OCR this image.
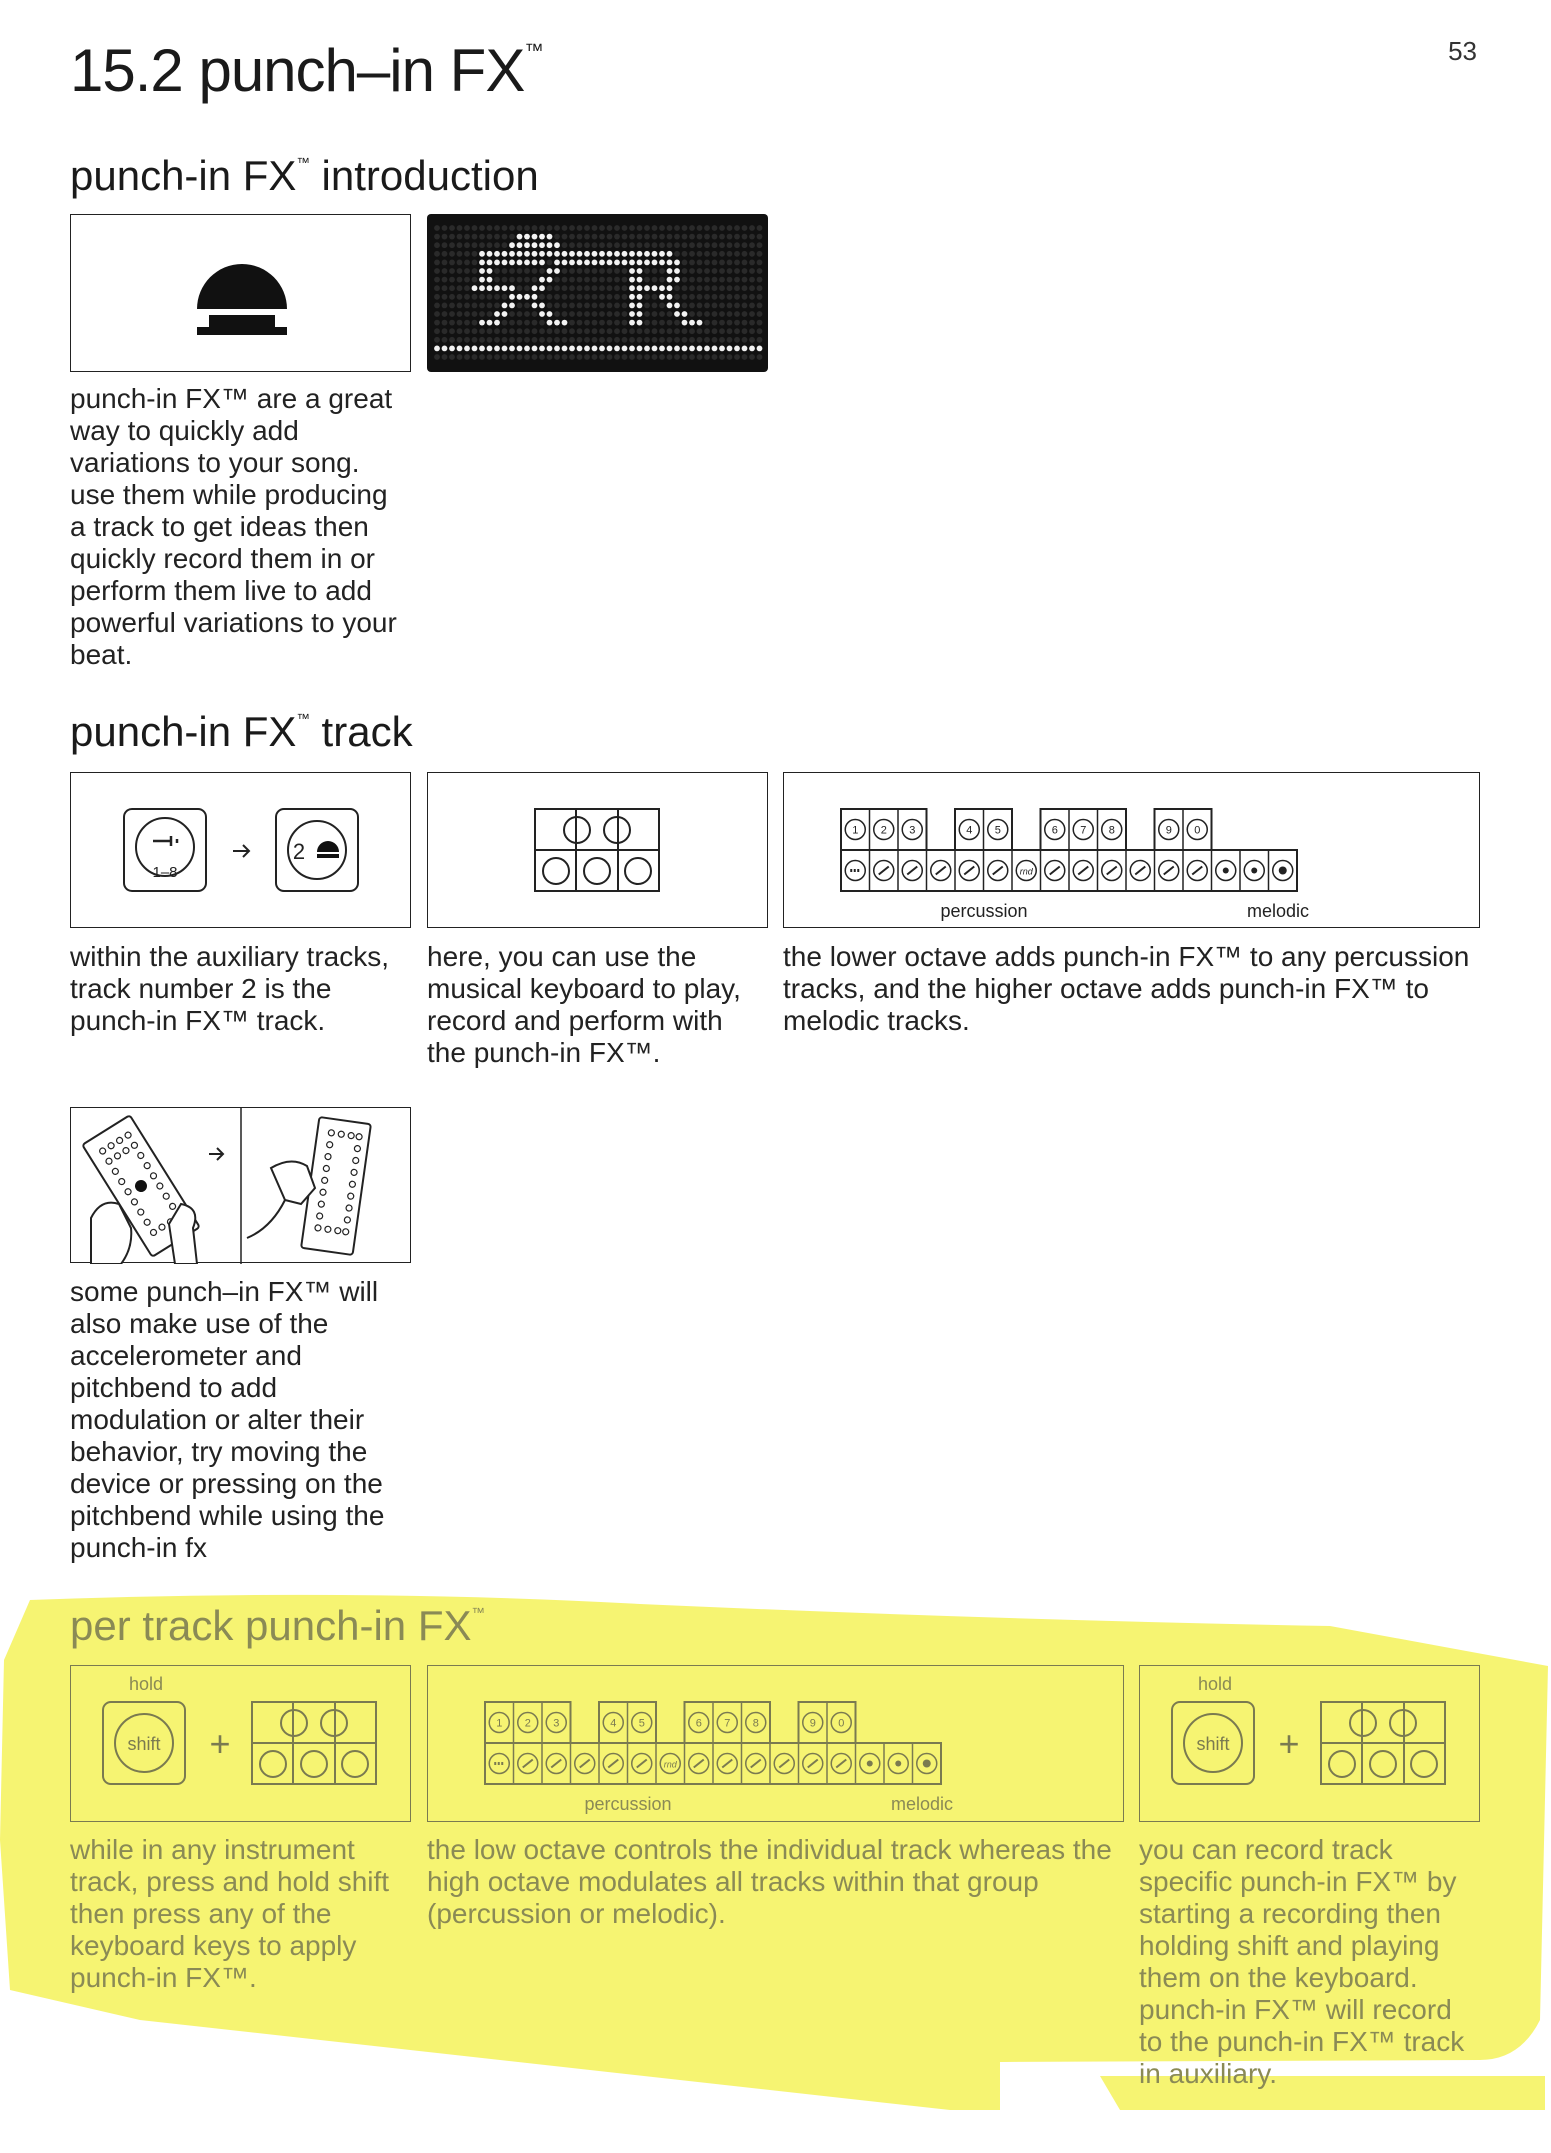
53
15.2 punch–in FX™
punch-in FX™ introduction
punch-in FX™ are a great way to quickly add variations to your song. use them while producing a track to get ideas then quickly record them in or perform them live to add powerful variations to your beat.
punch-in FX™ track
1–8
2
1 2 3	4 5	6 7 8	9 0
rnd
percussion	melodic
within the auxiliary tracks, track number 2 is the punch-in FX™ track.
here, you can use the musical keyboard to play, record and perform with the punch-in FX™.
the lower octave adds punch-in FX™ to any percussion tracks, and the higher octave adds punch-in FX™ to melodic tracks.
some punch–in FX™ will also make use of the accelerometer and pitchbend to add modulation or alter their behavior, try moving the device or pressing on the pitchbend while using the punch-in fx
per track punch-in FX™
hold
shift +	1 2 3	4 5	6 7 8	9 0
rnd
percussion	melodic
hold
shift +
while in any instrument track, press and hold shift then press any of the keyboard keys to apply punch-in FX™.
the low octave controls the individual track whereas the high octave modulates all tracks within that group (percussion or melodic).
you can record track specific punch-in FX™ by starting a recording then holding shift and playing them on the keyboard. punch-in FX™ will record to the punch-in FX™ track in auxiliary.
